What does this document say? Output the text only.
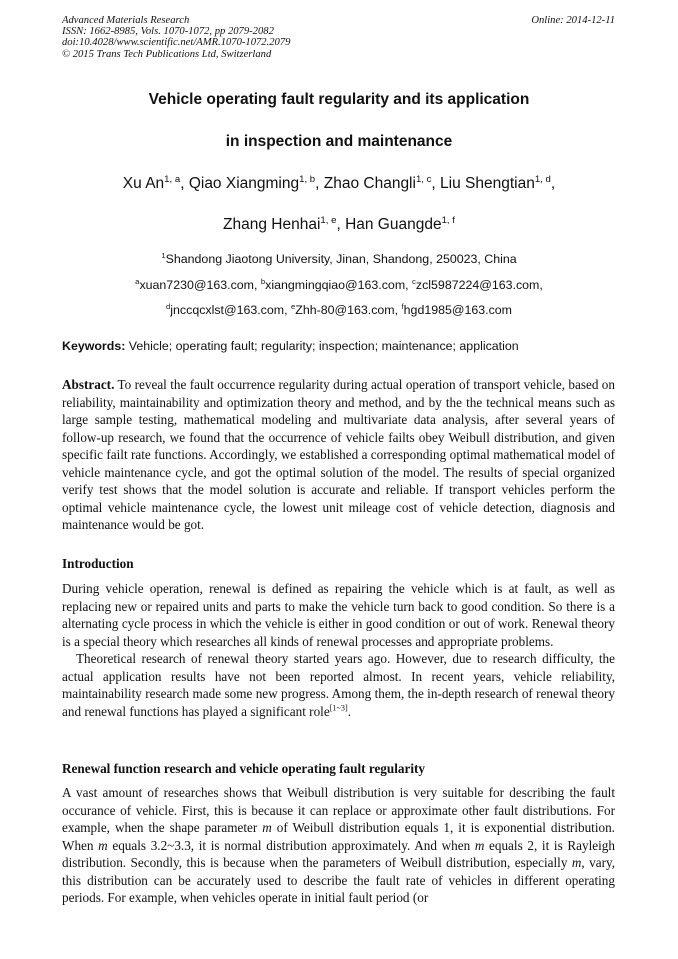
Advanced Materials Research
ISSN: 1662-8985, Vols. 1070-1072, pp 2079-2082
doi:10.4028/www.scientific.net/AMR.1070-1072.2079
© 2015 Trans Tech Publications Ltd, Switzerland
Online: 2014-12-11
Vehicle operating fault regularity and its application
in inspection and maintenance
Xu An$^{1, a}$, Qiao Xiangming$^{1, b}$, Zhao Changli$^{1, c}$, Liu Shengtian$^{1, d}$,
Zhang Henhai$^{1, e}$, Han Guangde$^{1, f}$
$^1$Shandong Jiaotong University, Jinan, Shandong, 250023, China
$^a$xuan7230@163.com, $^b$xiangmingqiao@163.com, $^c$zcl5987224@163.com,
$^d$jnccqcxlst@163.com, $^e$Zhh-80@163.com, $^f$hgd1985@163.com
Keywords: Vehicle; operating fault; regularity; inspection; maintenance; application

Abstract. To reveal the fault occurrence regularity during actual operation of transport vehicle, based on reliability, maintainability and optimization theory and method, and by the the technical means such as large sample testing, mathematical modeling and multivariate data analysis, after several years of follow-up research, we found that the occurrence of vehicle failts obey Weibull distribution, and given specific failt rate functions. Accordingly, we established a corresponding optimal mathematical model of vehicle maintenance cycle, and got the optimal solution of the model. The results of special organized verify test shows that the model solution is accurate and reliable. If transport vehicles perform the optimal vehicle maintenance cycle, the lowest unit mileage cost of vehicle detection, diagnosis and maintenance would be got.

Introduction

During vehicle operation, renewal is defined as repairing the vehicle which is at fault, as well as replacing new or repaired units and parts to make the vehicle turn back to good condition. So there is a alternating cycle process in which the vehicle is either in good condition or out of work. Renewal theory is a special theory which researches all kinds of renewal processes and appropriate problems.

Theoretical research of renewal theory started years ago. However, due to research difficulty, the actual application results have not been reported almost. In recent years, vehicle reliability, maintainability research made some new progress. Among them, the in-depth research of renewal theory and renewal functions has played a significant role[1~3].

Renewal function research and vehicle operating fault regularity

A vast amount of researches shows that Weibull distribution is very suitable for describing the fault occurance of vehicle. First, this is because it can replace or approximate other fault distributions. For example, when the shape parameter m of Weibull distribution equals 1, it is exponential distribution. When m equals 3.2~3.3, it is normal distribution approximately. And when m equals 2, it is Rayleigh distribution. Secondly, this is because when the parameters of Weibull distribution, especially m, vary, this distribution can be accurately used to describe the fault rate of vehicles in different operating periods. For example, when vehicles operate in initial fault period (or
